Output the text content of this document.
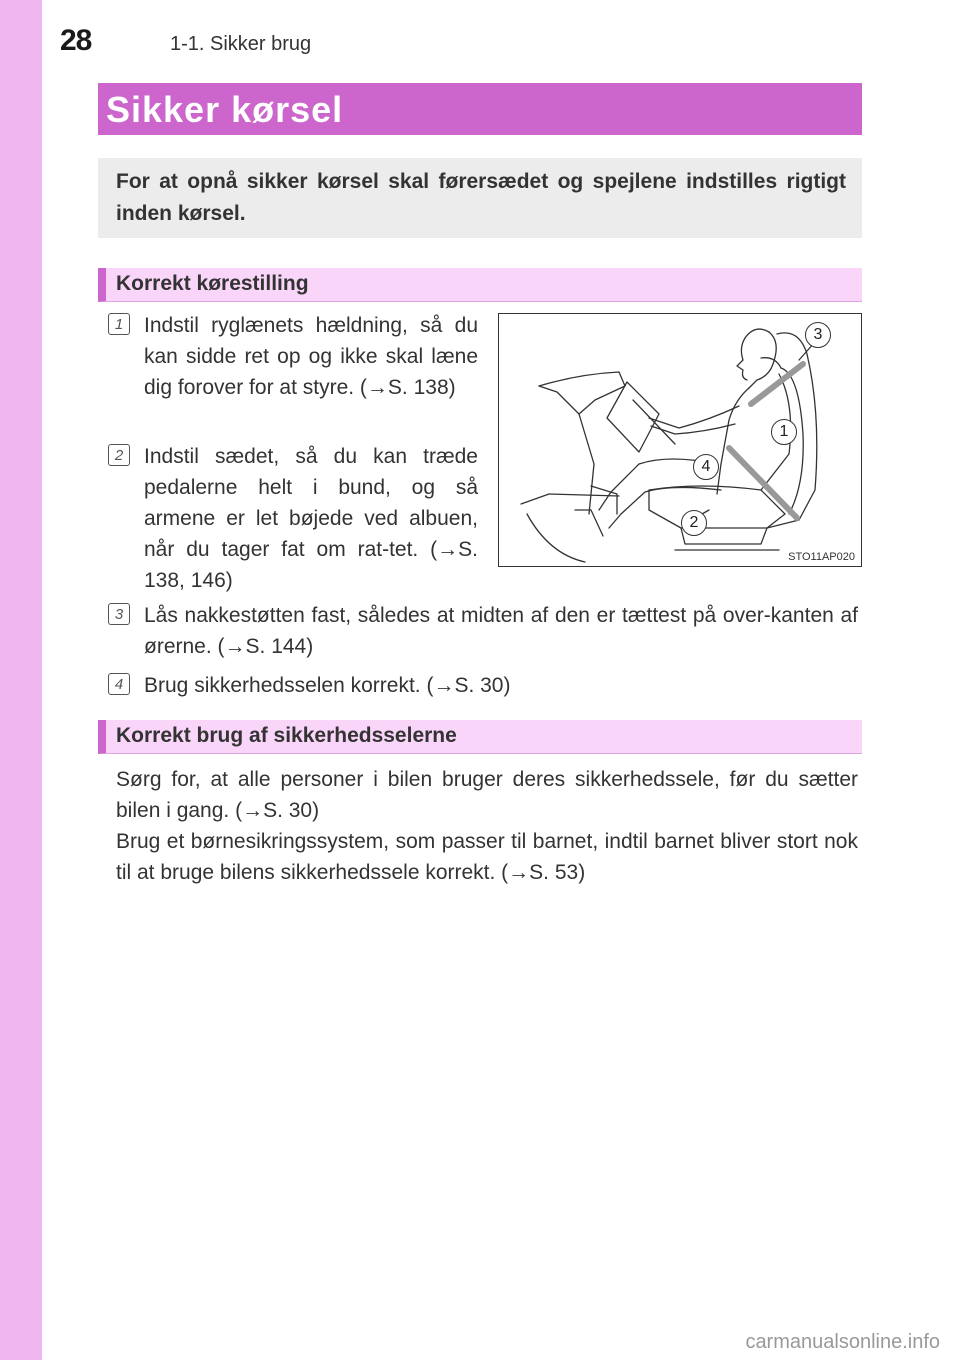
28	1-1. Sikker brug
Sikker kørsel
For at opnå sikker kørsel skal førersædet og spejlene indstilles rigtigt inden kørsel.
Korrekt kørestilling
1 Indstil ryglænets hældning, så du kan sidde ret op og ikke skal læne dig forover for at styre. (→S. 138)
2 Indstil sædet, så du kan træde pedalerne helt i bund, og så armene er let bøjede ved albuen, når du tager fat om rat-tet. (→S. 138, 146)
3
1
4
2
STO11AP020
3 Lås nakkestøtten fast, således at midten af den er tættest på over-kanten af ørerne. (→S. 144)
4 Brug sikkerhedsselen korrekt. (→S. 30)
Korrekt brug af sikkerhedsselerne
Sørg for, at alle personer i bilen bruger deres sikkerhedssele, før du sætter bilen i gang. (→S. 30)
Brug et børnesikringssystem, som passer til barnet, indtil barnet bliver stort nok til at bruge bilens sikkerhedssele korrekt. (→S. 53)
carmanualsonline.info
